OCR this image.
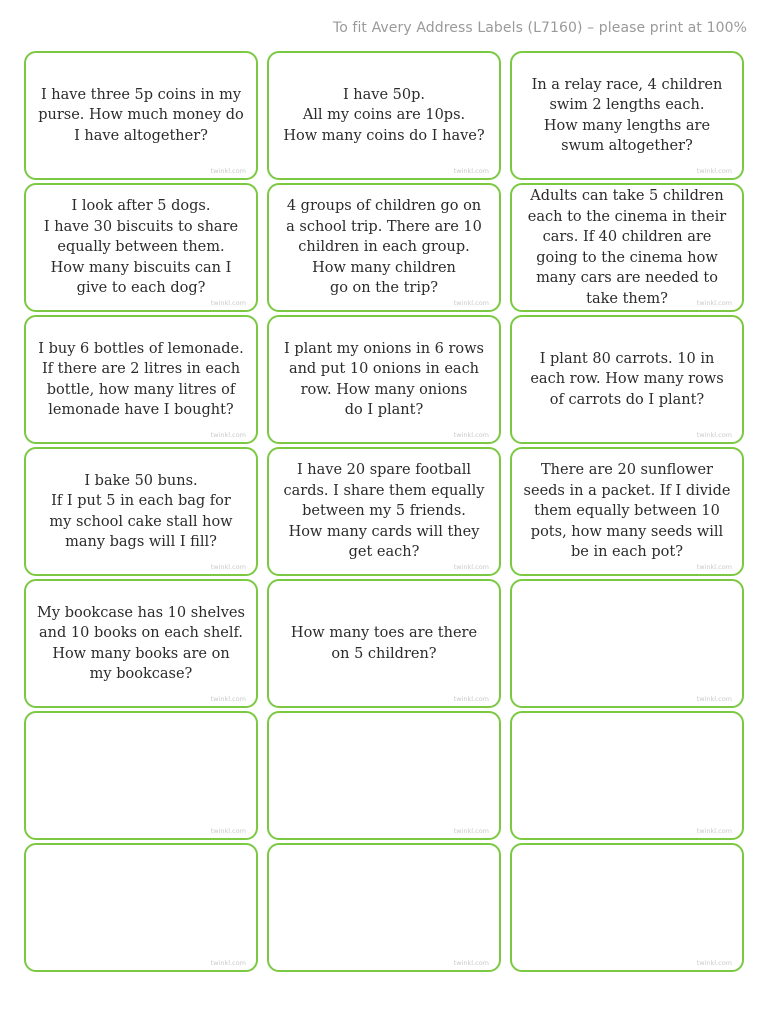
To fit Avery Address Labels (L7160) – please print at 100%
I have three 5p coins in my
purse. How much money do
I have altogether?
twinkl.com
I have 50p.
All my coins are 10ps.
How many coins do I have?
twinkl.com
In a relay race, 4 children
swim 2 lengths each.
How many lengths are
swum altogether?
twinkl.com
I look after 5 dogs.
I have 30 biscuits to share
equally between them.
How many biscuits can I
give to each dog?
twinkl.com
4 groups of children go on
a school trip. There are 10
children in each group.
How many children
go on the trip?
twinkl.com
Adults can take 5 children
each to the cinema in their
cars. If 40 children are
going to the cinema how
many cars are needed to
take them?	twinkl.com
I buy 6 bottles of lemonade.
If there are 2 litres in each
bottle, how many litres of
lemonade have I bought?
twinkl.com
I plant my onions in 6 rows
and put 10 onions in each
row. How many onions
do I plant?
twinkl.com
I plant 80 carrots. 10 in
each row. How many rows
of carrots do I plant?
twinkl.com
I bake 50 buns.
If I put 5 in each bag for
my school cake stall how
many bags will I fill?
twinkl.com
I have 20 spare football
cards. I share them equally
between my 5 friends.
How many cards will they
get each?
twinkl.com
There are 20 sunflower
seeds in a packet. If I divide
them equally between 10
pots, how many seeds will
be in each pot?
twinkl.com
My bookcase has 10 shelves
and 10 books on each shelf.
How many books are on
my bookcase?
twinkl.com
How many toes are there
on 5 children?
twinkl.com	twinkl.com
twinkl.com	twinkl.com	twinkl.com
twinkl.com	twinkl.com	twinkl.com
